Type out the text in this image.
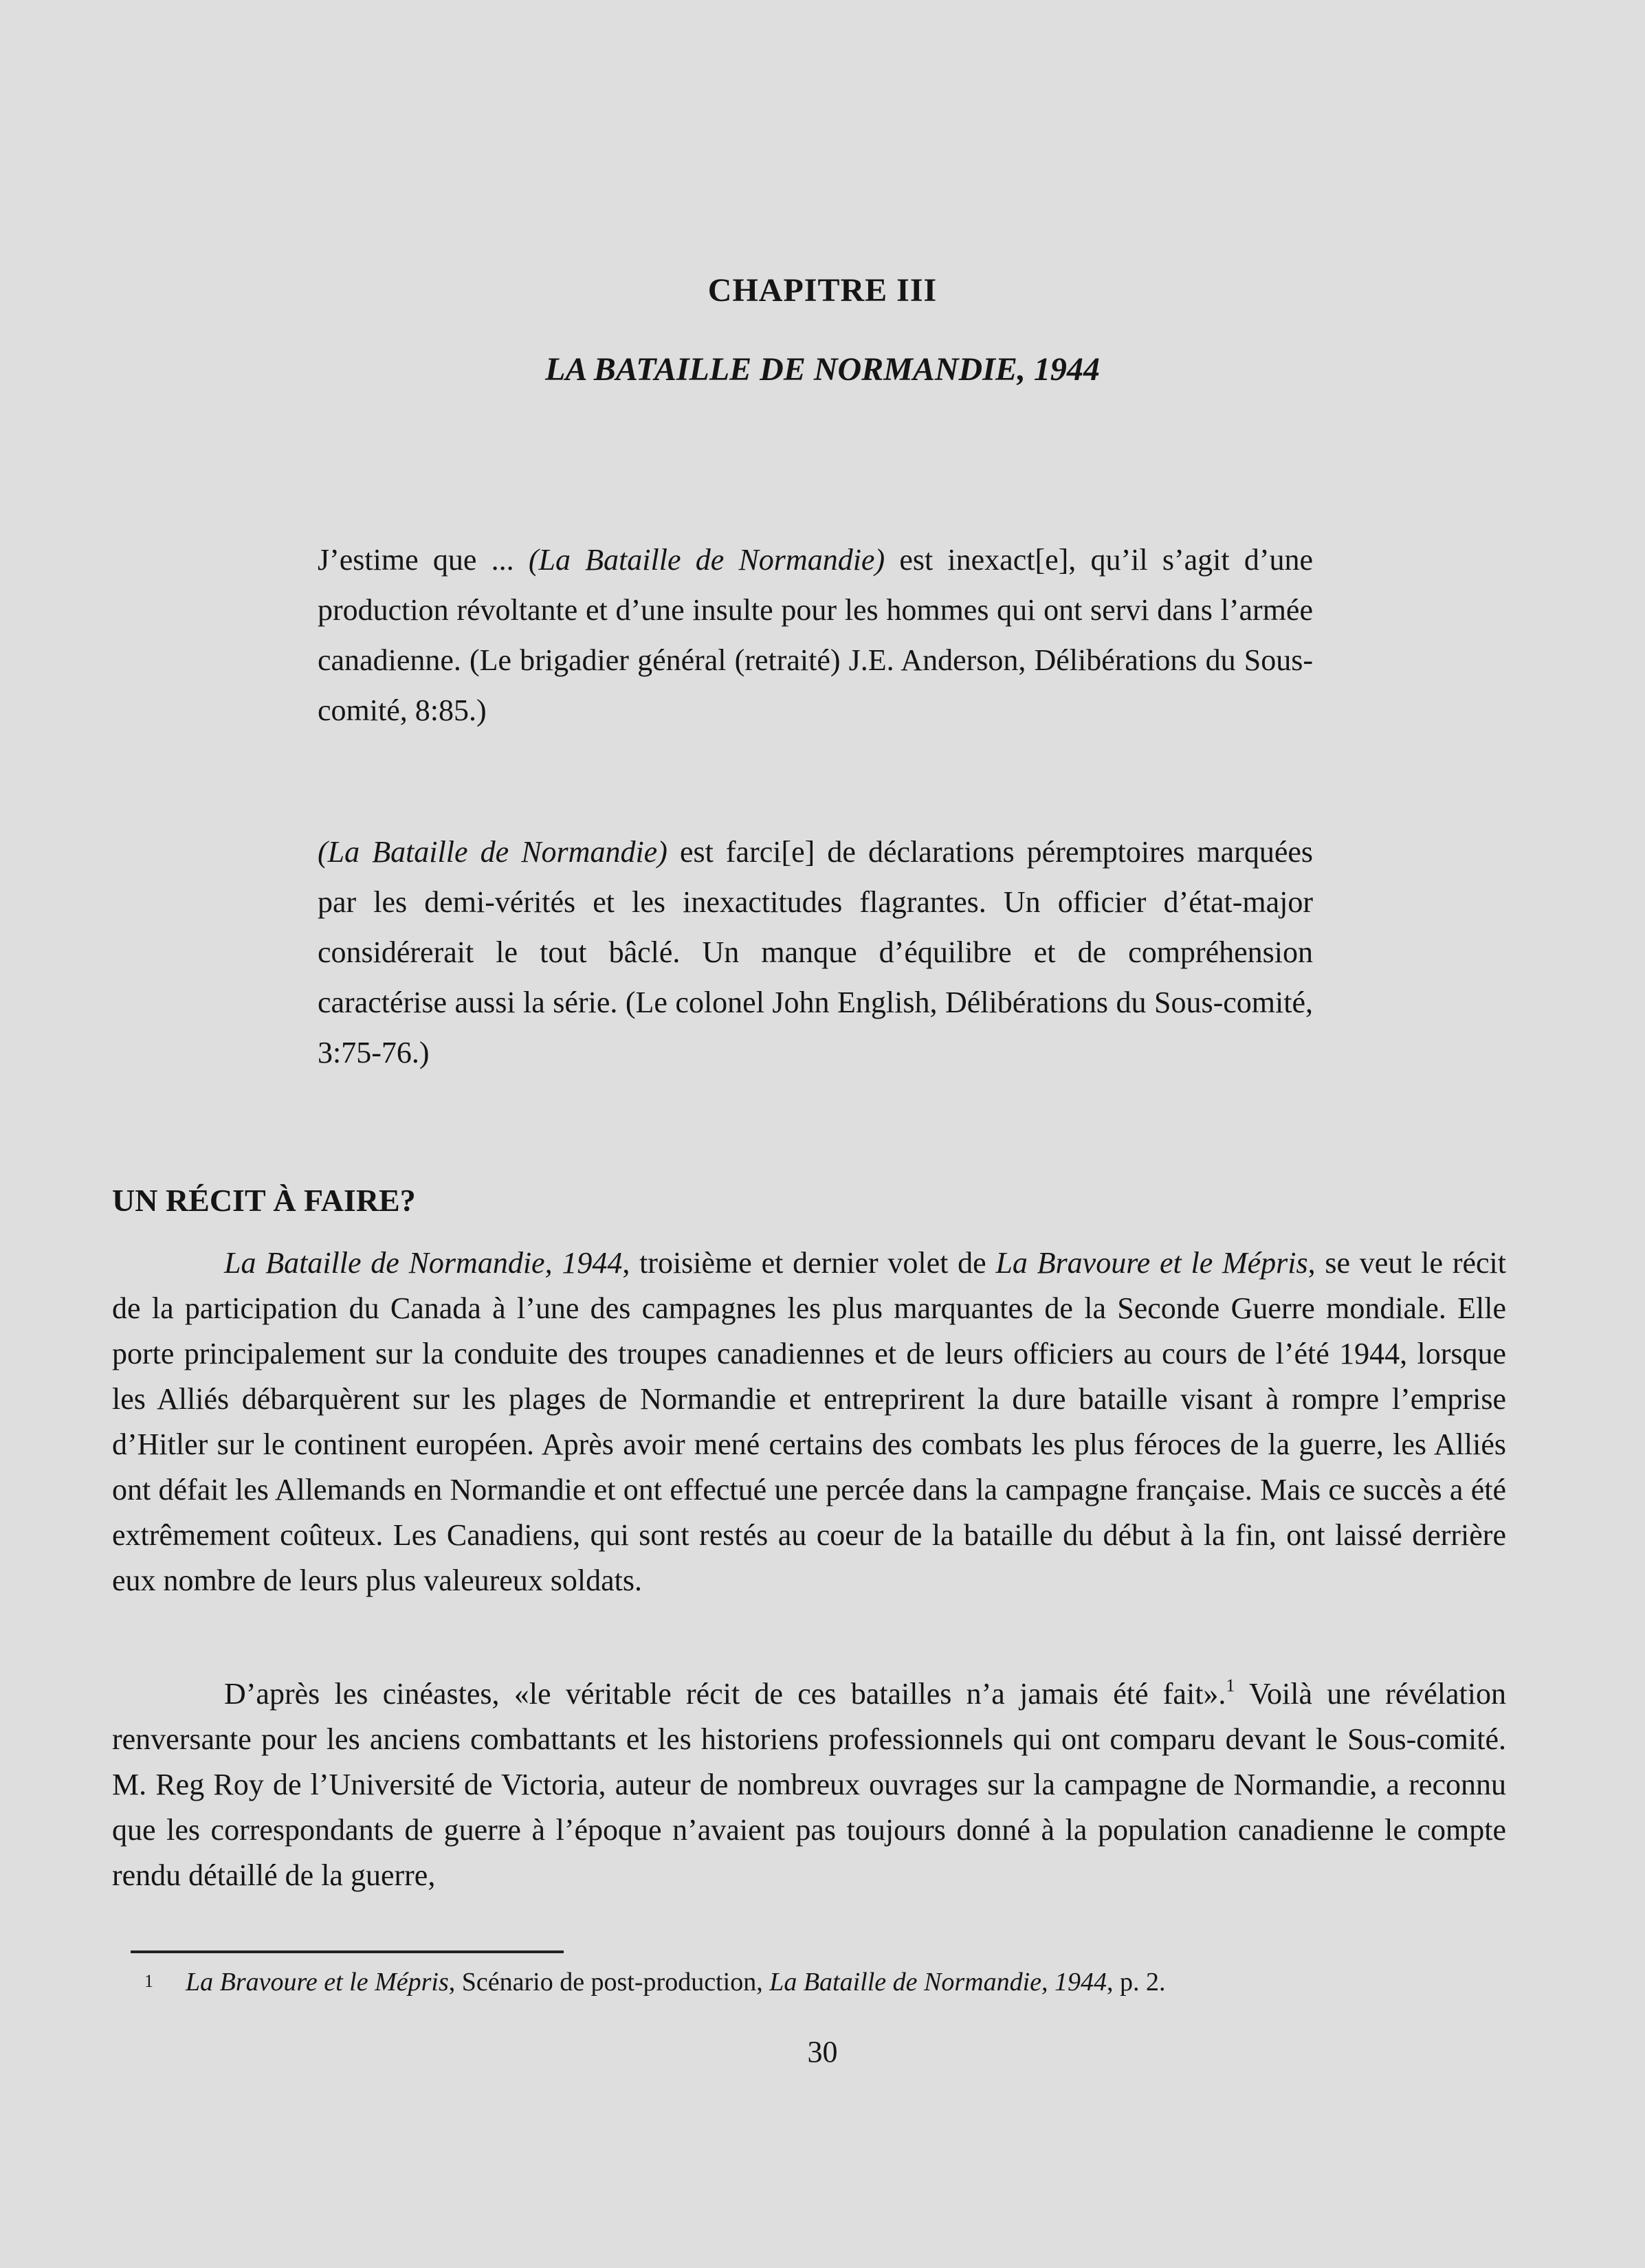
CHAPITRE III
LA BATAILLE DE NORMANDIE, 1944
J’estime que ... (La Bataille de Normandie) est inexact[e], qu’il s’agit d’une production révoltante et d’une insulte pour les hommes qui ont servi dans l’armée canadienne. (Le brigadier général (retraité) J.E. Anderson, Délibérations du Sous-comité, 8:85.)
(La Bataille de Normandie) est farci[e] de déclarations péremptoires marquées par les demi-vérités et les inexactitudes flagrantes. Un officier d’état-major considérerait le tout bâclé. Un manque d’équilibre et de compréhension caractérise aussi la série. (Le colonel John English, Délibérations du Sous-comité, 3:75-76.)
UN RÉCIT À FAIRE?
La Bataille de Normandie, 1944, troisième et dernier volet de La Bravoure et le Mépris, se veut le récit de la participation du Canada à l’une des campagnes les plus marquantes de la Seconde Guerre mondiale. Elle porte principalement sur la conduite des troupes canadiennes et de leurs officiers au cours de l’été 1944, lorsque les Alliés débarquèrent sur les plages de Normandie et entreprirent la dure bataille visant à rompre l’emprise d’Hitler sur le continent européen. Après avoir mené certains des combats les plus féroces de la guerre, les Alliés ont défait les Allemands en Normandie et ont effectué une percée dans la campagne française. Mais ce succès a été extrêmement coûteux. Les Canadiens, qui sont restés au coeur de la bataille du début à la fin, ont laissé derrière eux nombre de leurs plus valeureux soldats.
D’après les cinéastes, «le véritable récit de ces batailles n’a jamais été fait».$^1$ Voilà une révélation renversante pour les anciens combattants et les historiens professionnels qui ont comparu devant le Sous-comité. M. Reg Roy de l’Université de Victoria, auteur de nombreux ouvrages sur la campagne de Normandie, a reconnu que les correspondants de guerre à l’époque n’avaient pas toujours donné à la population canadienne le compte rendu détaillé de la guerre,
1 La Bravoure et le Mépris, Scénario de post-production, La Bataille de Normandie, 1944, p. 2.
30
